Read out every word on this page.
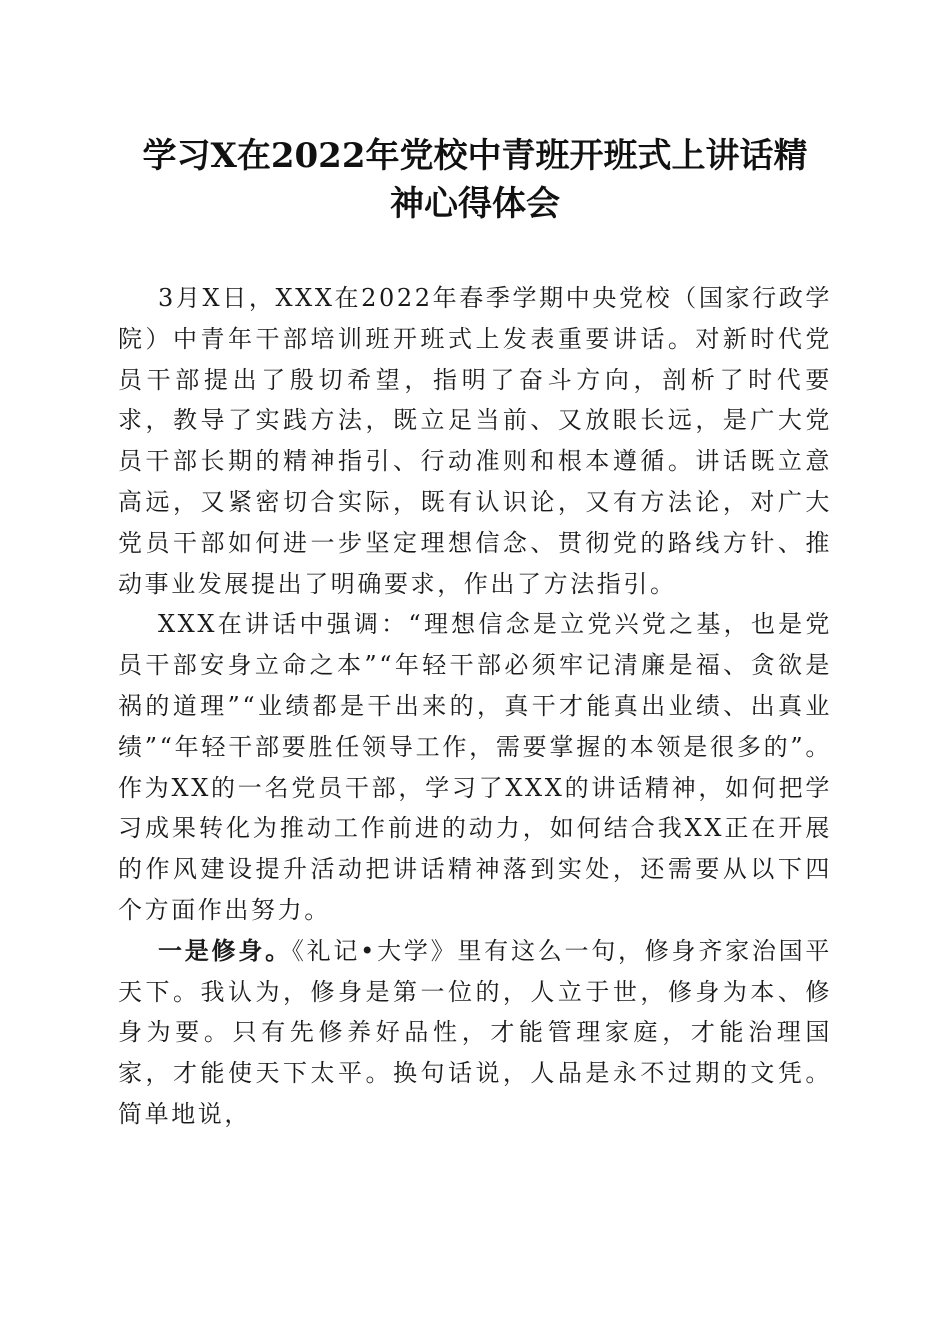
学习X在2022年党校中青班开班式上讲话精
神心得体会

3月X日，XXX在2022年春季学期中央党校（国家行政学院）中青年干部培训班开班式上发表重要讲话。对新时代党员干部提出了殷切希望，指明了奋斗方向，剖析了时代要求，教导了实践方法，既立足当前、又放眼长远，是广大党员干部长期的精神指引、行动准则和根本遵循。讲话既立意高远，又紧密切合实际，既有认识论，又有方法论，对广大党员干部如何进一步坚定理想信念、贯彻党的路线方针、推动事业发展提出了明确要求，作出了方法指引。

XXX在讲话中强调：“理想信念是立党兴党之基，也是党员干部安身立命之本”“年轻干部必须牢记清廉是福、贪欲是祸的道理”“业绩都是干出来的，真干才能真出业绩、出真业绩”“年轻干部要胜任领导工作，需要掌握的本领是很多的”。作为XX的一名党员干部，学习了XXX的讲话精神，如何把学习成果转化为推动工作前进的动力，如何结合我XX正在开展的作风建设提升活动把讲话精神落到实处，还需要从以下四个方面作出努力。

一是修身。《礼记•大学》里有这么一句，修身齐家治国平天下。我认为，修身是第一位的，人立于世，修身为本、修身为要。只有先修养好品性，才能管理家庭，才能治理国家，才能使天下太平。换句话说，人品是永不过期的文凭。简单地说，
